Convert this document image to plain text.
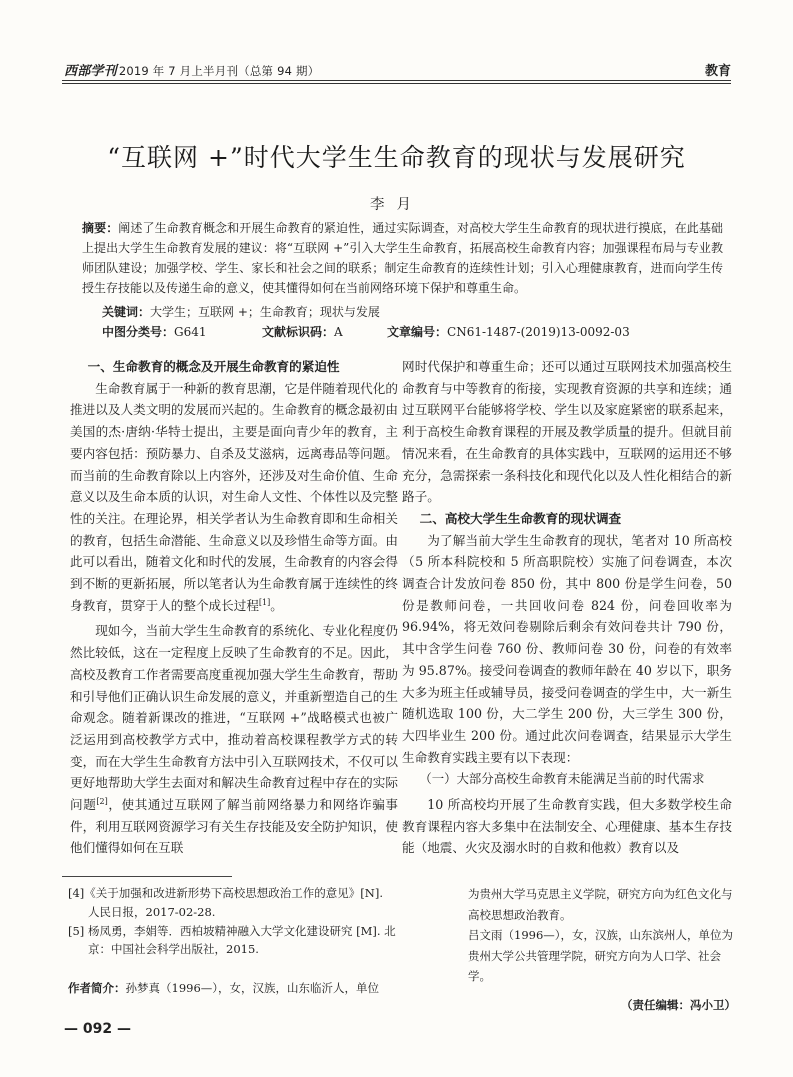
西部学刊 2019 年 7 月上半月刊（总第 94 期）	教育
“互联网 +”时代大学生生命教育的现状与发展研究
李月
摘要：阐述了生命教育概念和开展生命教育的紧迫性，通过实际调查，对高校大学生生命教育的现状进行摸底，在此基础上提出大学生生命教育发展的建议：将“互联网 +”引入大学生生命教育，拓展高校生命教育内容；加强课程布局与专业教师团队建设；加强学校、学生、家长和社会之间的联系；制定生命教育的连续性计划；引入心理健康教育，进而向学生传授生存技能以及传递生命的意义，使其懂得如何在当前网络环境下保护和尊重生命。
关键词：大学生；互联网 +；生命教育；现状与发展
中图分类号：G641	文献标识码：A	文章编号：CN61-1487-(2019)13-0092-03
一、生命教育的概念及开展生命教育的紧迫性

生命教育属于一种新的教育思潮，它是伴随着现代化的推进以及人类文明的发展而兴起的。生命教育的概念最初由美国的杰·唐纳·华特士提出，主要是面向青少年的教育，主要内容包括：预防暴力、自杀及艾滋病，远离毒品等问题。而当前的生命教育除以上内容外，还涉及对生命价值、生命意义以及生命本质的认识，对生命人文性、个体性以及完整性的关注。在理论界，相关学者认为生命教育即和生命相关的教育，包括生命潜能、生命意义以及珍惜生命等方面。由此可以看出，随着文化和时代的发展，生命教育的内容会得到不断的更新拓展，所以笔者认为生命教育属于连续性的终身教育，贯穿于人的整个成长过程[1]。

现如今，当前大学生生命教育的系统化、专业化程度仍然比较低，这在一定程度上反映了生命教育的不足。因此，高校及教育工作者需要高度重视加强大学生生命教育，帮助和引导他们正确认识生命发展的意义，并重新塑造自己的生命观念。随着新课改的推进，“互联网 +”战略模式也被广泛运用到高校教学方式中，推动着高校课程教学方式的转变，而在大学生生命教育方法中引入互联网技术，不仅可以更好地帮助大学生去面对和解决生命教育过程中存在的实际问题[2]，使其通过互联网了解当前网络暴力和网络诈骗事件，利用互联网资源学习有关生存技能及安全防护知识，使他们懂得如何在互联

网时代保护和尊重生命；还可以通过互联网技术加强高校生命教育与中等教育的衔接，实现教育资源的共享和连续；通过互联网平台能够将学校、学生以及家庭紧密的联系起来，利于高校生命教育课程的开展及教学质量的提升。但就目前情况来看，在生命教育的具体实践中，互联网的运用还不够充分，急需探索一条科技化和现代化以及人性化相结合的新路子。

二、高校大学生生命教育的现状调查

为了解当前大学生生命教育的现状，笔者对 10 所高校（5 所本科院校和 5 所高职院校）实施了问卷调查，本次调查合计发放问卷 850 份，其中 800 份是学生问卷，50 份是教师问卷，一共回收问卷 824 份，问卷回收率为 96.94%，将无效问卷剔除后剩余有效问卷共计 790 份，其中含学生问卷 760 份、教师问卷 30 份，问卷的有效率为 95.87%。接受问卷调查的教师年龄在 40 岁以下，职务大多为班主任或辅导员，接受问卷调查的学生中，大一新生随机选取 100 份，大二学生 200 份，大三学生 300 份，大四毕业生 200 份。通过此次问卷调查，结果显示大学生生命教育实践主要有以下表现：

（一）大部分高校生命教育未能满足当前的时代需求

10 所高校均开展了生命教育实践，但大多数学校生命教育课程内容大多集中在法制安全、心理健康、基本生存技能（地震、火灾及溺水时的自救和他救）教育以及

[4]《关于加强和改进新形势下高校思想政治工作的意见》[N]. 人民日报，2017-02-28.
[5] 杨凤勇，李娟等．西柏坡精神融入大学文化建设研究 [M]. 北京：中国社会科学出版社，2015.
作者简介：孙梦真（1996—），女，汉族，山东临沂人，单位
为贵州大学马克思主义学院，研究方向为红色文化与高校思想政治教育。
吕文雨（1996—），女，汉族，山东滨州人，单位为贵州大学公共管理学院，研究方向为人口学、社会学。
（责任编辑：冯小卫）
— 092 —
